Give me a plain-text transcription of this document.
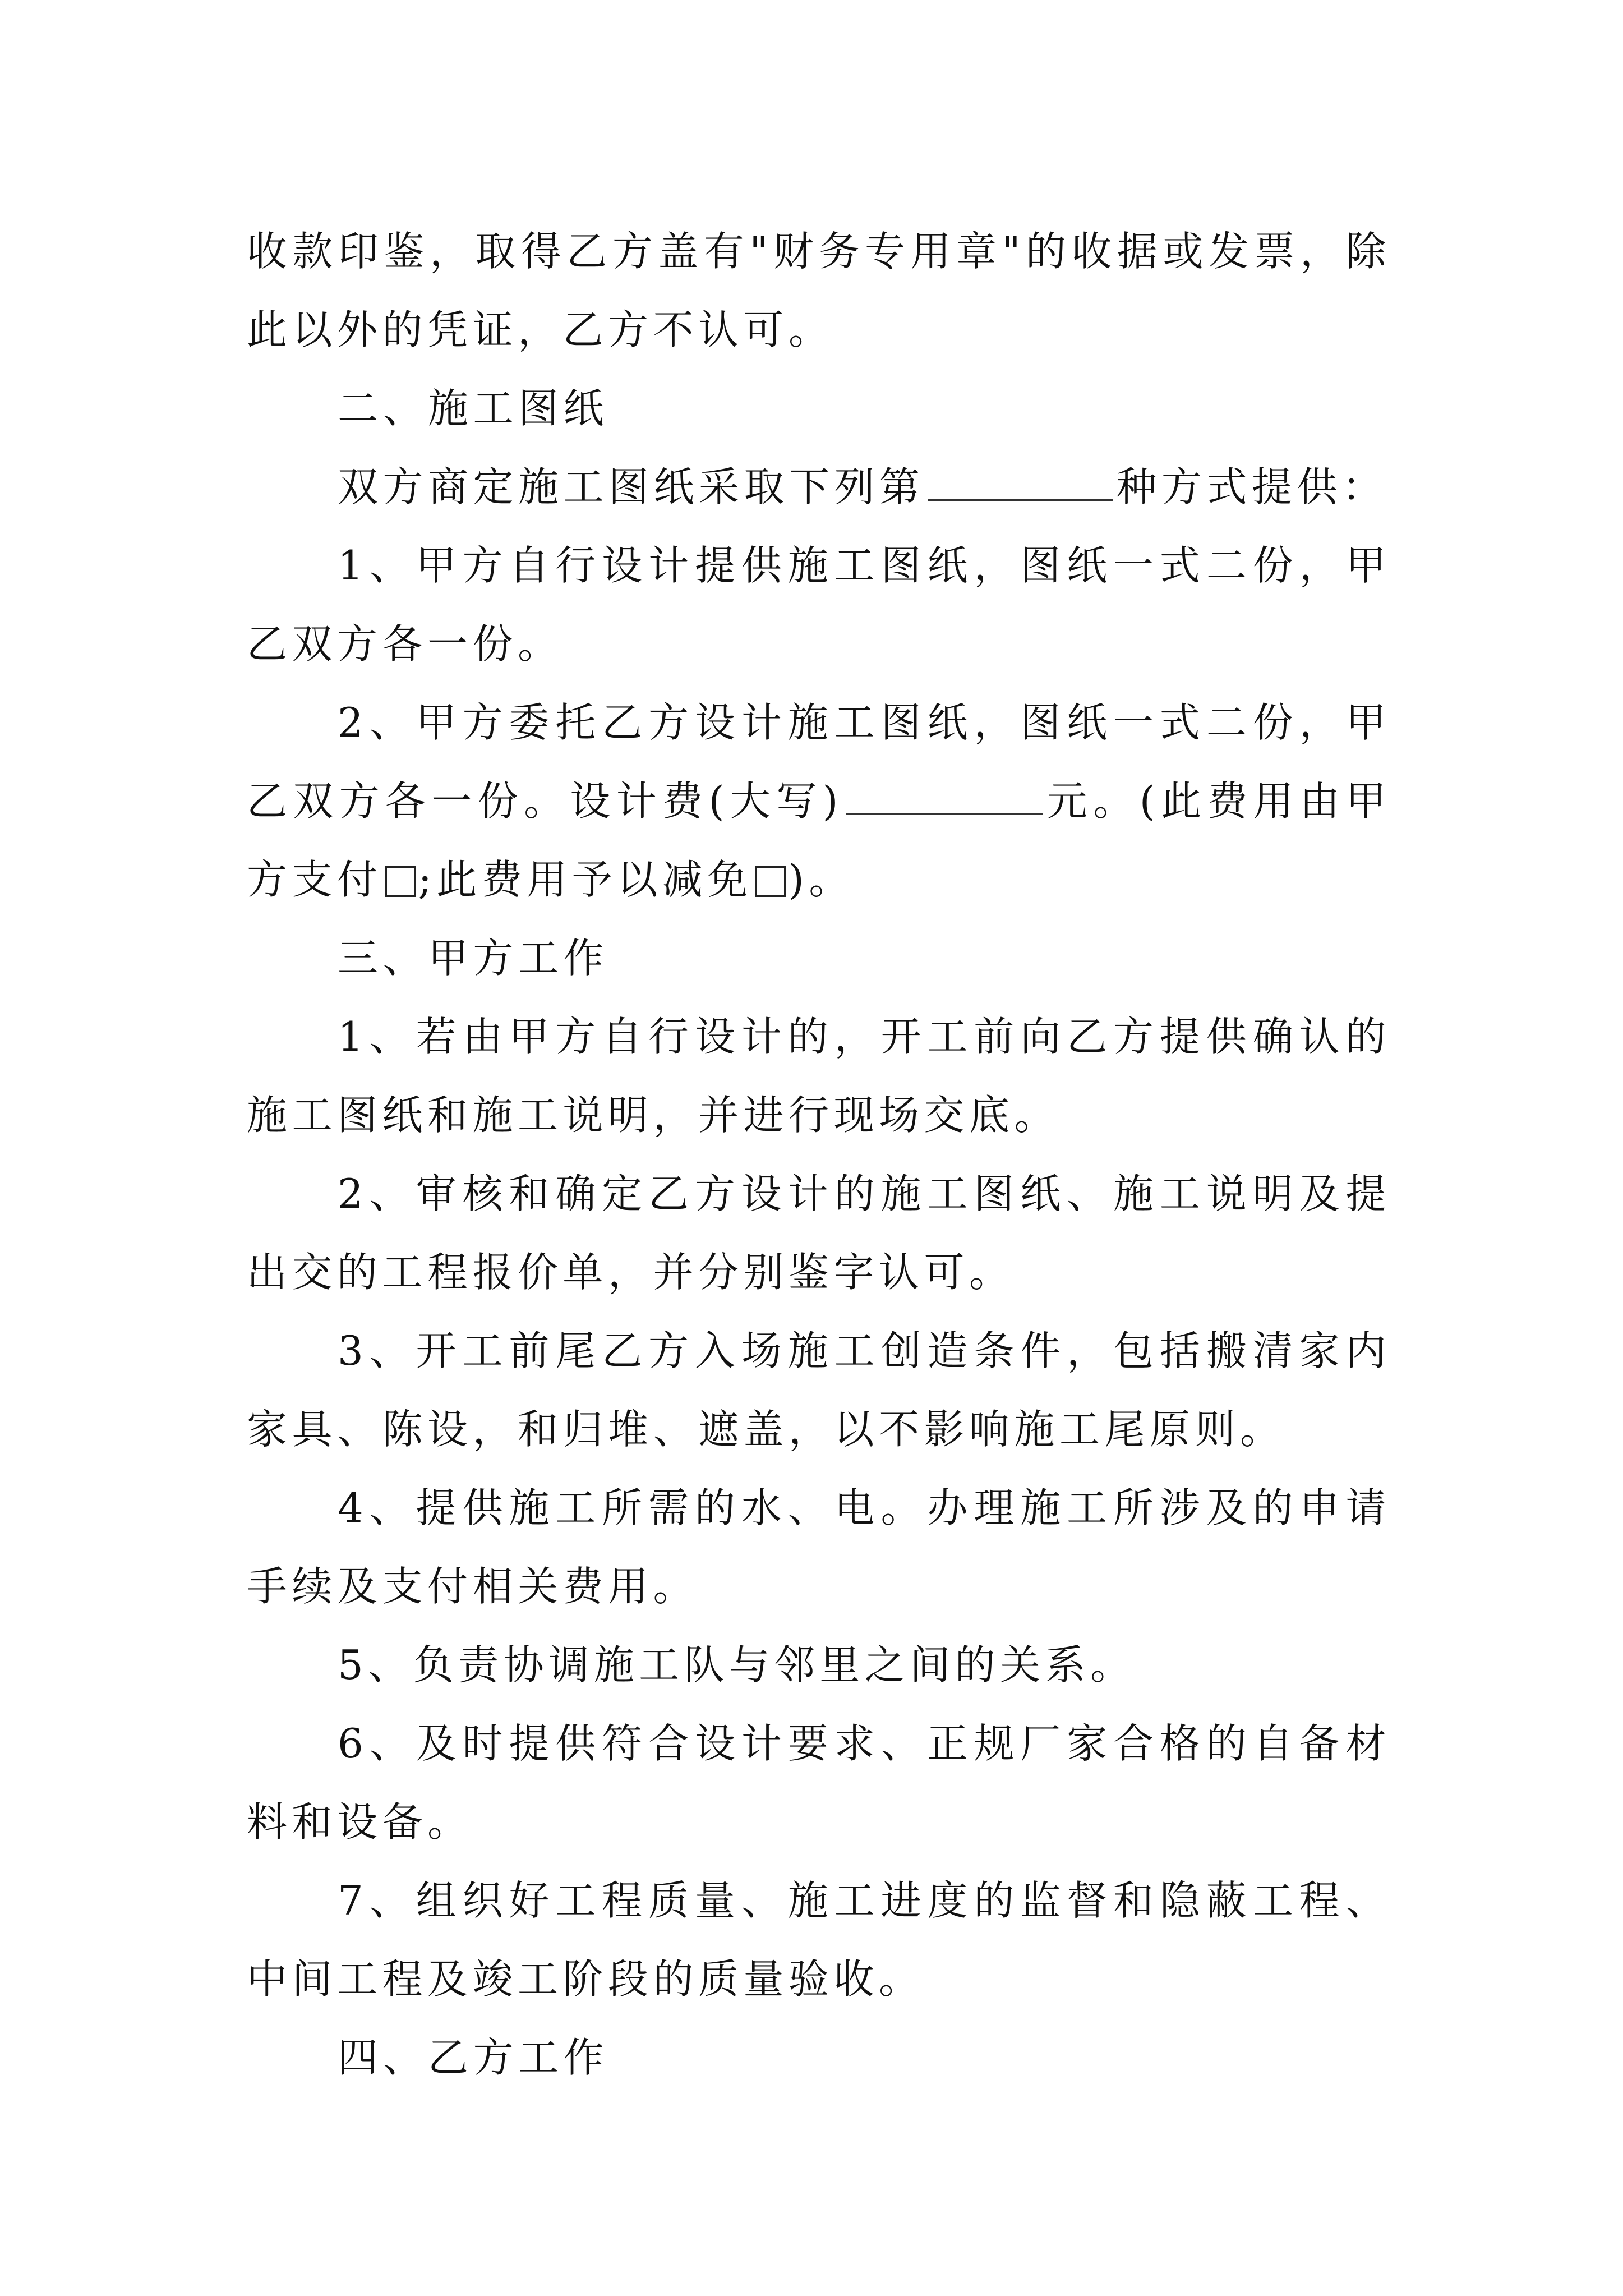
收款印鉴，取得乙方盖有"财务专用章"的收据或发票，除此以外的凭证，乙方不认可。

二、施工图纸

双方商定施工图纸采取下列第	种方式提供：

1、甲方自行设计提供施工图纸，图纸一式二份，甲乙双方各一份。

2、甲方委托乙方设计施工图纸，图纸一式二份，甲乙双方各一份。设计费(大写)	元。(此费用由甲方支付 ;此费用予以减免 )。

三、甲方工作

1、若由甲方自行设计的，开工前向乙方提供确认的施工图纸和施工说明，并进行现场交底。

2、审核和确定乙方设计的施工图纸、施工说明及提出交的工程报价单，并分别鉴字认可。

3、开工前尾乙方入场施工创造条件，包括搬清家内家具、陈设，和归堆、遮盖，以不影响施工尾原则。

4、提供施工所需的水、电。办理施工所涉及的申请手续及支付相关费用。

5、负责协调施工队与邻里之间的关系。

6、及时提供符合设计要求、正规厂家合格的自备材料和设备。

7、组织好工程质量、施工进度的监督和隐蔽工程、中间工程及竣工阶段的质量验收。

四、乙方工作
